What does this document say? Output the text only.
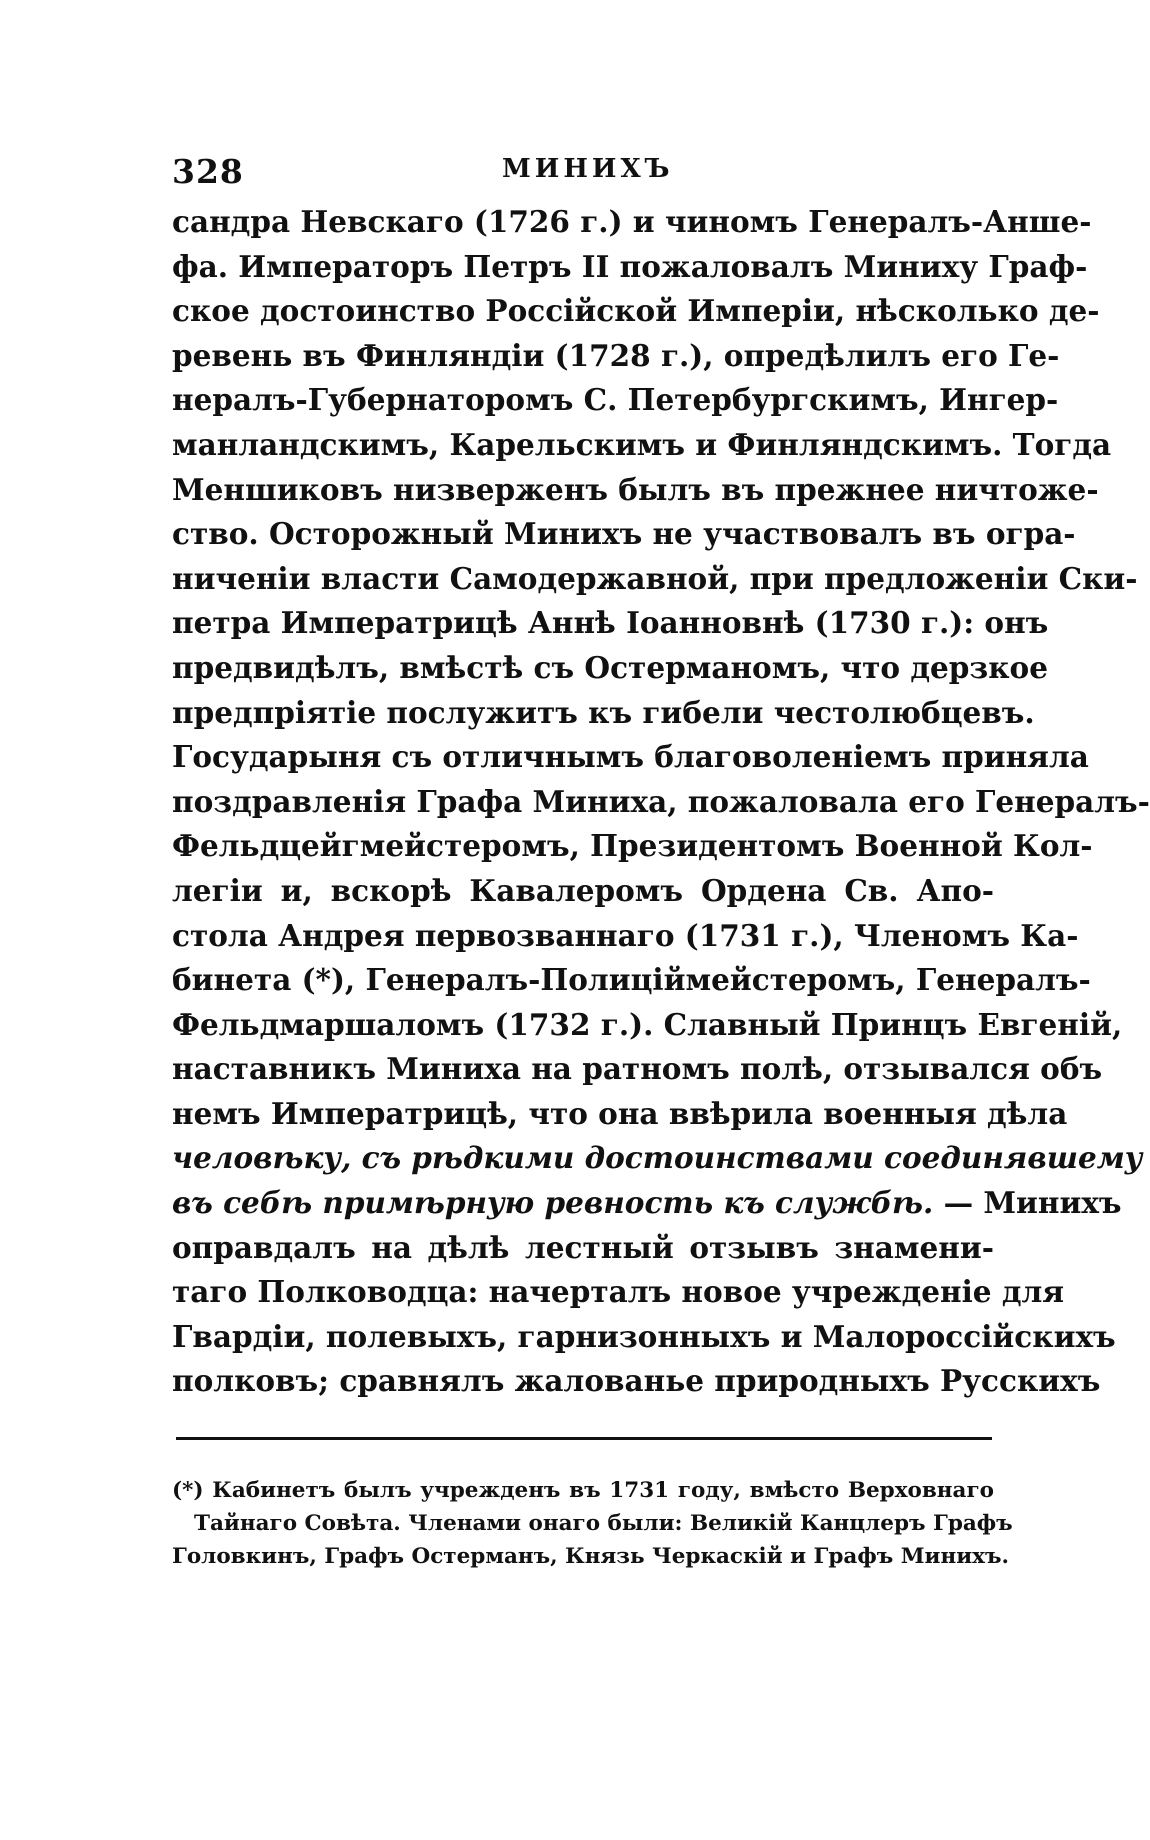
328	МИНИХЪ
сандра Невскаго (1726 г.) и чиномъ Генералъ-Аншe-
фа. Императоръ Петръ II пожаловалъ Миниху Граф-
ское достоинство Россійской Имперіи, нѣсколько де-
ревень въ Финляндіи (1728 г.), опредѣлилъ его Ге-
нералъ-Губернаторомъ С. Петербургскимъ, Ингер-
манландскимъ, Карельскимъ и Финляндскимъ. Тогда
Меншиковъ низверженъ былъ въ прежнее ничтоже-
ство. Осторожный Минихъ не участвовалъ въ огра-
ниченіи власти Самодержавной, при предложеніи Ски-
петра Императрицѣ Аннѣ Іоанновнѣ (1730 г.): онъ
предвидѣлъ, вмѣстѣ съ Остерманомъ, что дерзкое
предпріятіе послужитъ къ гибели честолюбцевъ.
Государыня съ отличнымъ благоволеніемъ приняла
поздравленія Графа Миниха, пожаловала его Генералъ-
Фельдцейгмейстеромъ, Президентомъ Военной Кол-
легіи и, вскорѣ Кавалеромъ Ордена Св. Апо-
стола Андрея первозваннаго (1731 г.), Членомъ Ка-
бинета (*), Генералъ-Полицiймейстеромъ, Генералъ-
Фельдмаршаломъ (1732 г.). Славный Принцъ Евгеній,
наставникъ Миниха на ратномъ полѣ, отзывался объ
немъ Императрицѣ, что она ввѣрила военныя дѣла
человѣку, съ рѣдкими достоинствами соединявшему
въ себѣ примѣрную ревность къ службѣ. — Минихъ
оправдалъ на дѣлѣ лестный отзывъ знамени-
таго Полководца: начерталъ новое учрежденіе для
Гвардіи, полевыхъ, гарнизонныхъ и Малороссійскихъ
полковъ; сравнялъ жалованье природныхъ Русскихъ
(*) Кабинетъ былъ учрежденъ въ 1731 году, вмѣсто Верховнаго
Тайнаго Совѣта. Членами онаго были: Великій Канцлеръ Графъ
Головкинъ, Графъ Остерманъ, Князь Черкаскій и Графъ Минихъ.
